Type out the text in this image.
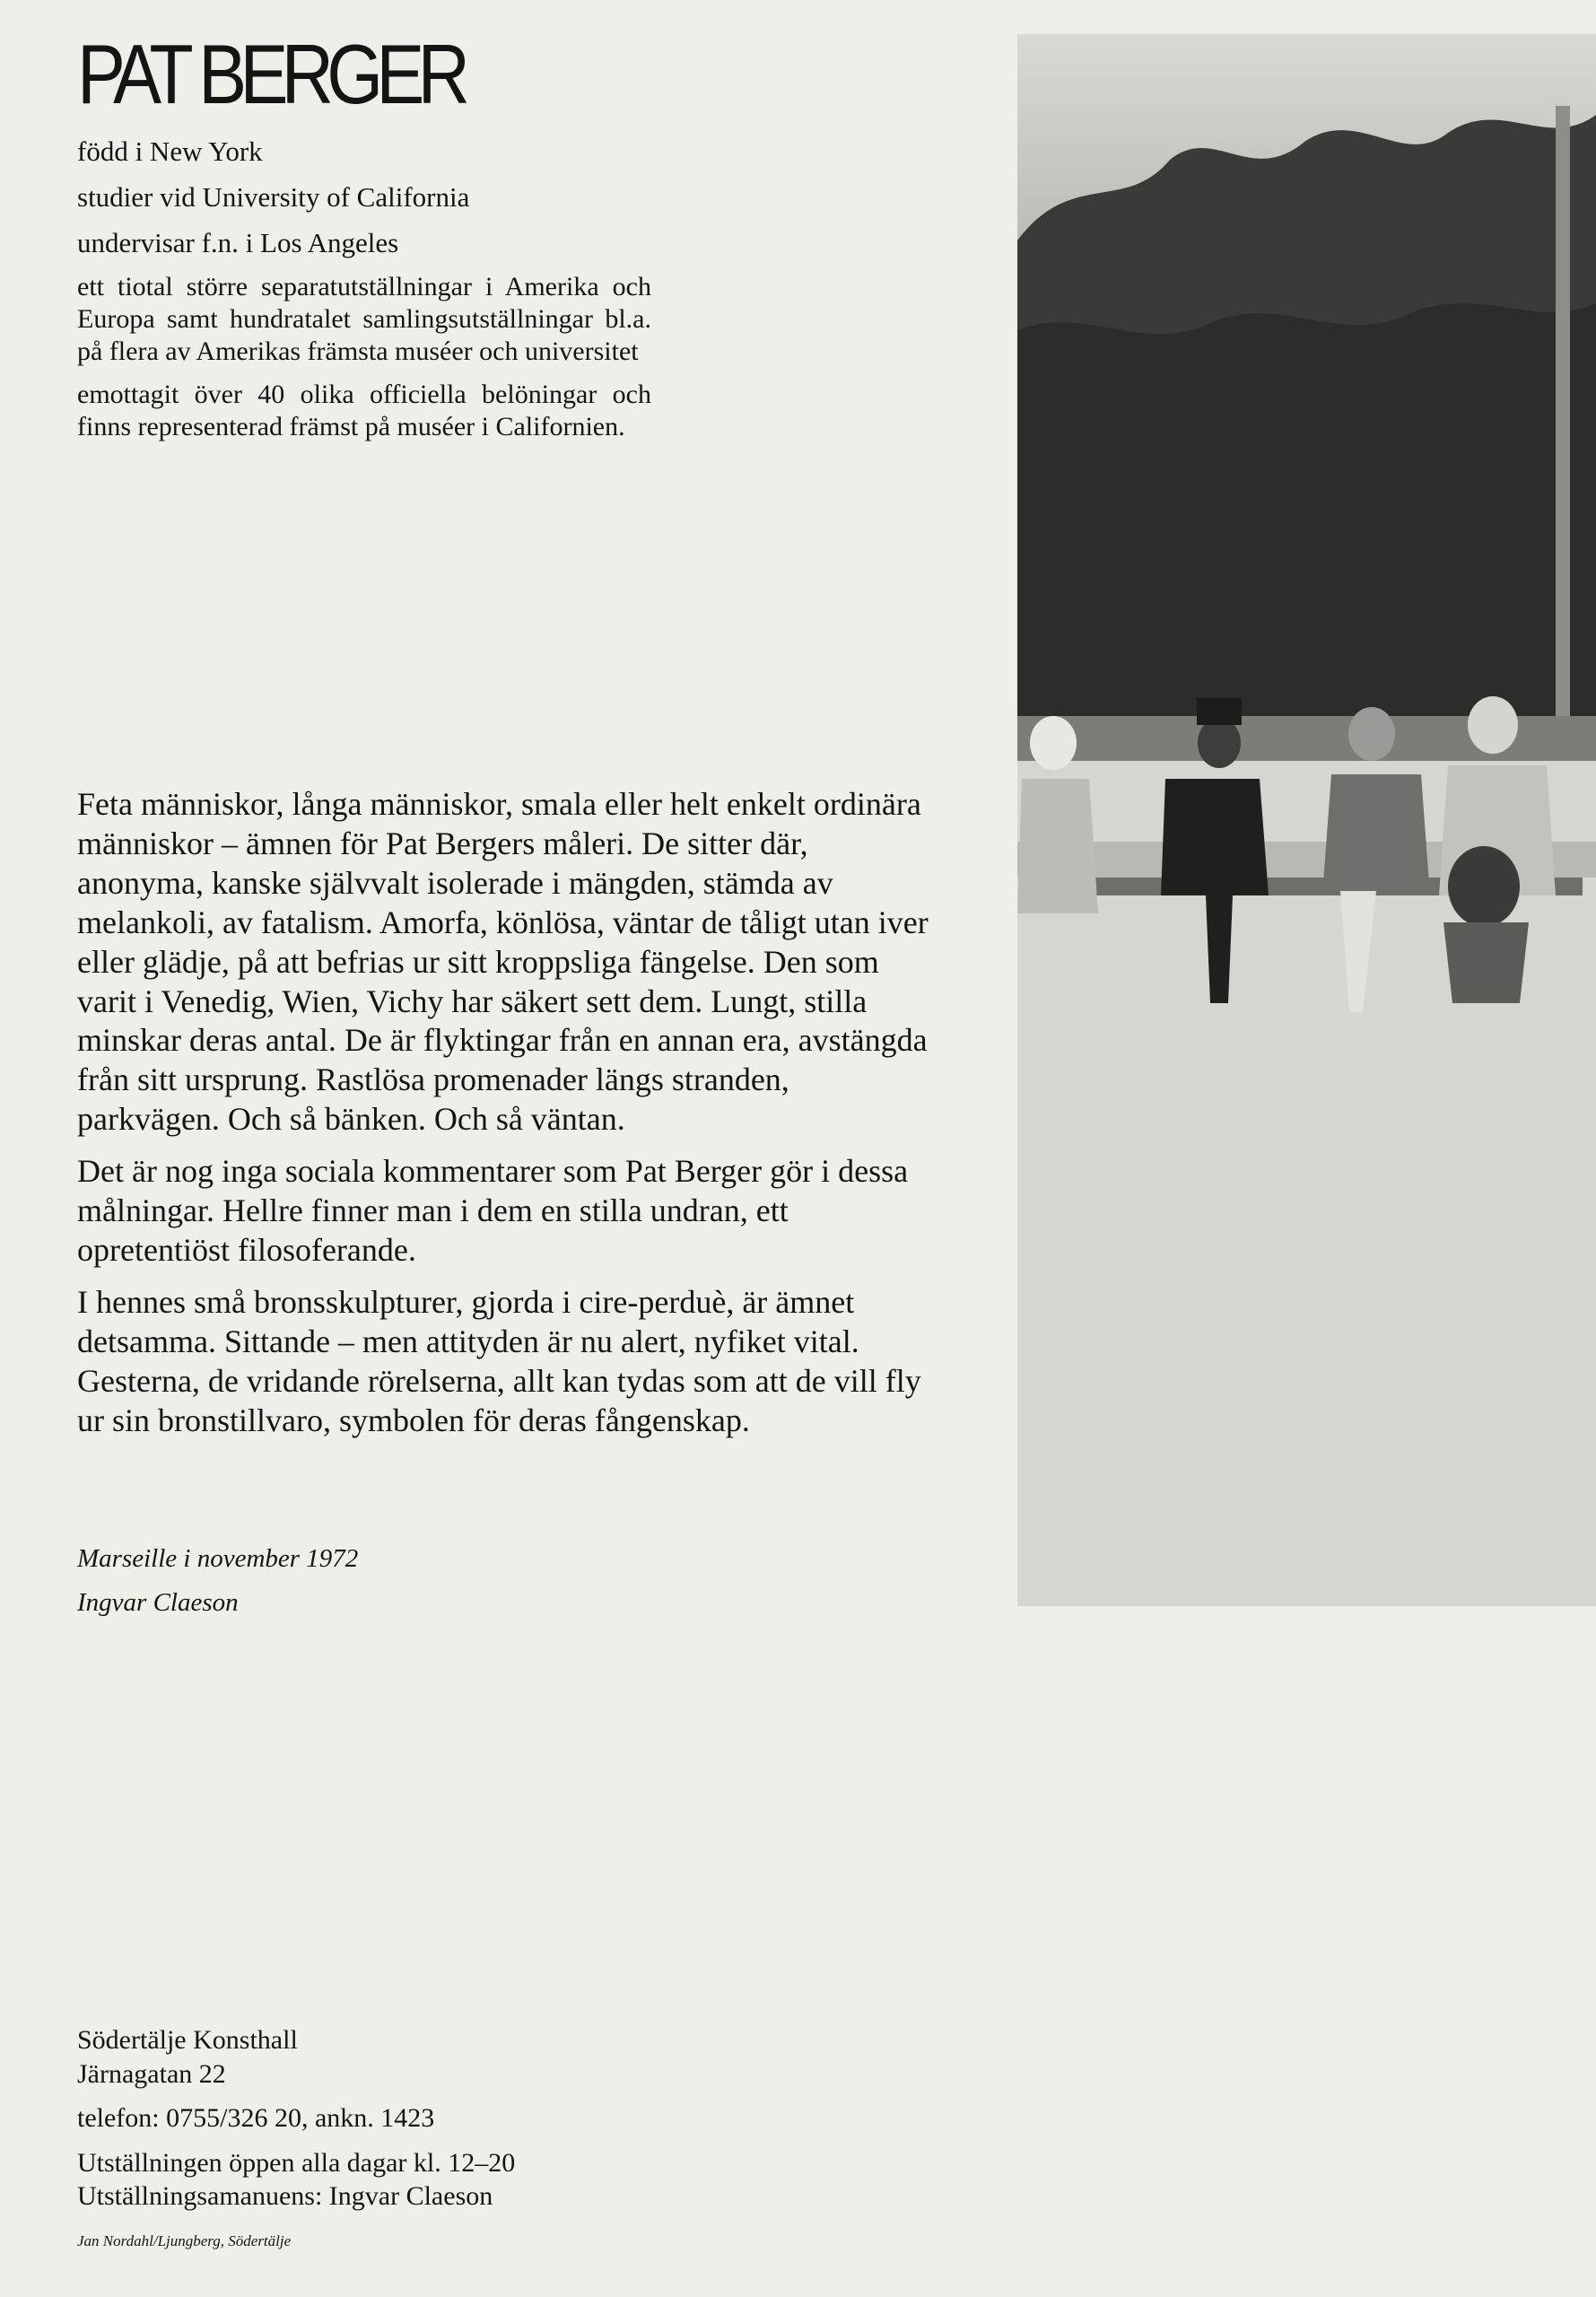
PAT BERGER

född i New York

studier vid University of California

undervisar f.n. i Los Angeles

ett tiotal större separatutställningar i Amerika och Europa samt hundratalet samlingsutställningar bl.a. på flera av Amerikas främsta muséer och universitet

emottagit över 40 olika officiella belöningar och finns representerad främst på muséer i Californien.

Feta människor, långa människor, smala eller helt enkelt ordinära människor – ämnen för Pat Bergers måleri. De sitter där, anonyma, kanske självvalt isolerade i mängden, stämda av melankoli, av fatalism. Amorfa, könlösa, väntar de tåligt utan iver eller glädje, på att befrias ur sitt kroppsliga fängelse. Den som varit i Venedig, Wien, Vichy har säkert sett dem. Lungt, stilla minskar deras antal. De är flyktingar från en annan era, avstängda från sitt ursprung. Rastlösa promenader längs stranden, parkvägen. Och så bänken. Och så väntan.

Det är nog inga sociala kommentarer som Pat Berger gör i dessa målningar. Hellre finner man i dem en stilla undran, ett opretentiöst filosoferande.

I hennes små bronsskulpturer, gjorda i cire-perduè, är ämnet detsamma. Sittande – men attityden är nu alert, nyfiket vital. Gesterna, de vridande rörelserna, allt kan tydas som att de vill fly ur sin bronstillvaro, symbolen för deras fångenskap.

Marseille i november 1972
Ingvar Claeson
Södertälje Konsthall
Järnagatan 22
telefon: 0755/326 20, ankn. 1423
Utställningen öppen alla dagar kl. 12–20
Utställningsamanuens: Ingvar Claeson
Jan Nordahl/Ljungberg, Södertälje
